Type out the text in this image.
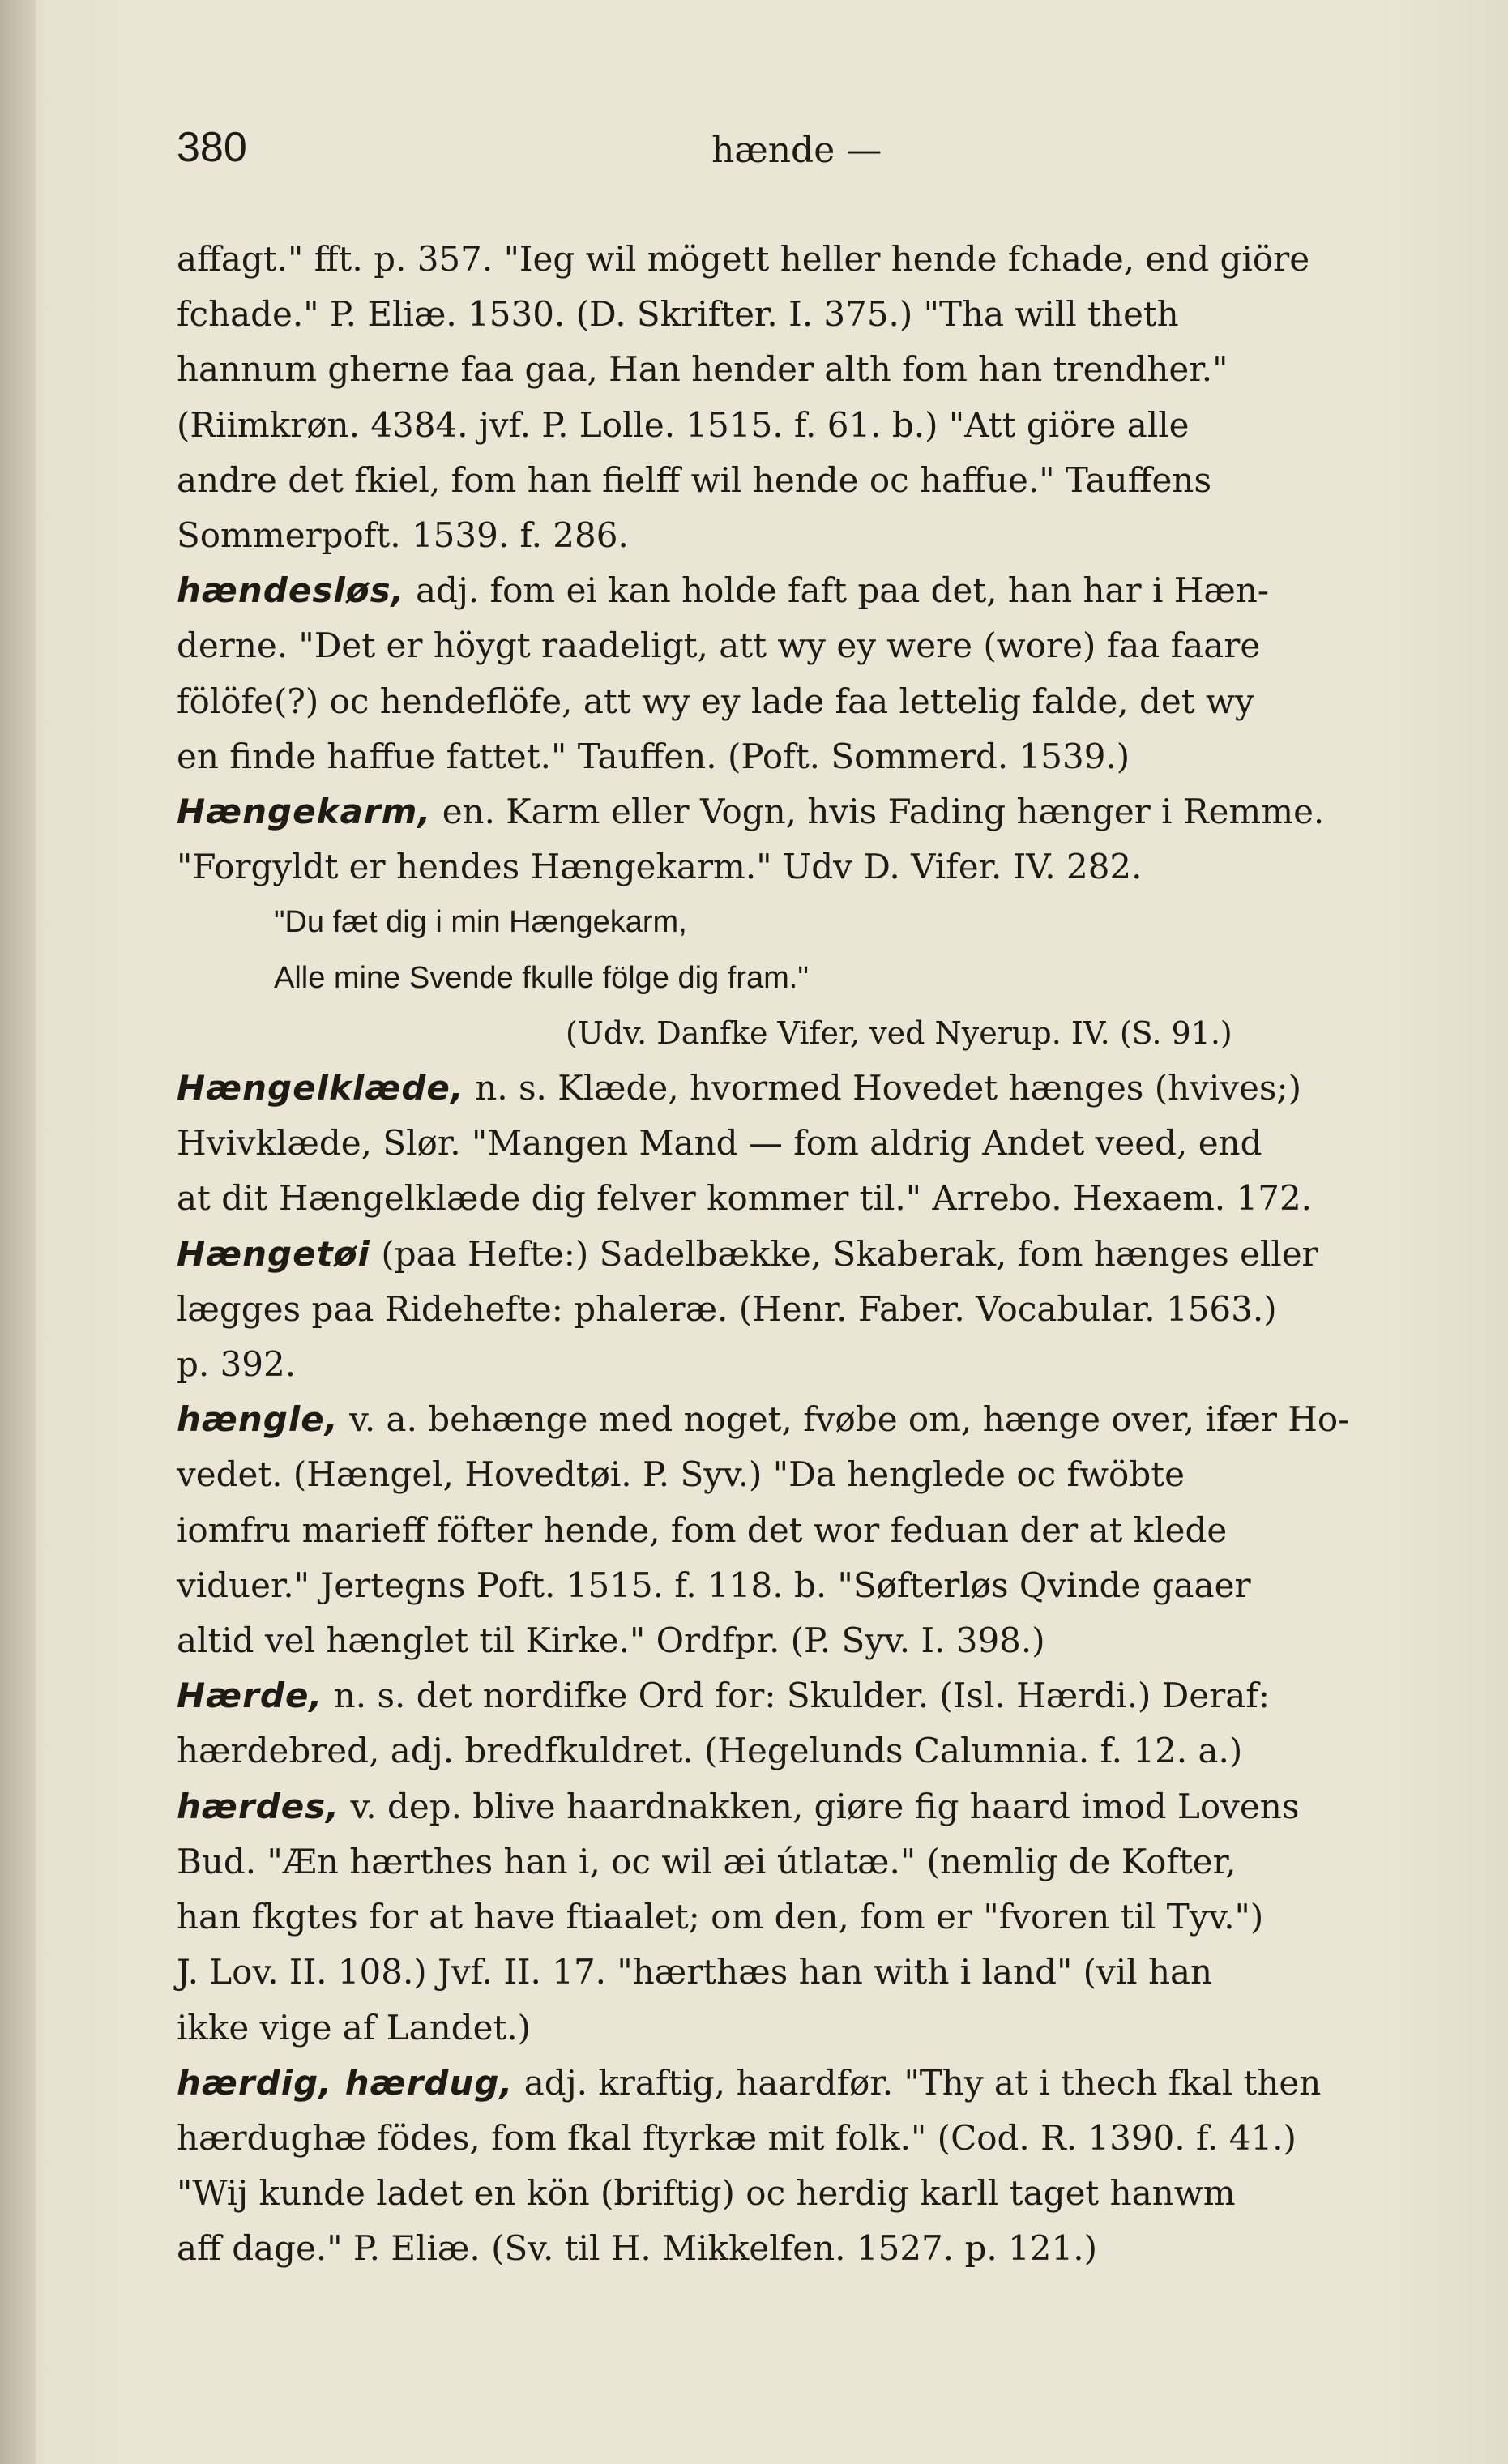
380	hænde —

affagt." fft. p. 357. "Ieg wil mögett heller hende fchade, end giöre

fchade." P. Eliæ. 1530. (D. Skrifter. I. 375.) "Tha will theth

hannum gherne faa gaa, Han hender alth fom han trendher."

(Riimkrøn. 4384. jvf. P. Lolle. 1515. f. 61. b.) "Att giöre alle

andre det fkiel, fom han fielff wil hende oc haffue." Tauffens

Sommerpoft. 1539. f. 286.

hændesløs, adj. fom ei kan holde faft paa det, han har i Hæn-

derne. "Det er höygt raadeligt, att wy ey were (wore) faa faare

fölöfe(?) oc hendeflöfe, att wy ey lade faa lettelig falde, det wy

en finde haffue fattet." Tauffen. (Poft. Sommerd. 1539.)

Hængekarm, en. Karm eller Vogn, hvis Fading hænger i Remme.

"Forgyldt er hendes Hængekarm." Udv D. Vifer. IV. 282.

"Du fæt dig i min Hængekarm,

Alle mine Svende fkulle fölge dig fram."

(Udv. Danfke Vifer, ved Nyerup. IV. (S. 91.)

Hængelklæde, n. s. Klæde, hvormed Hovedet hænges (hvives;)

Hvivklæde, Slør. "Mangen Mand — fom aldrig Andet veed, end

at dit Hængelklæde dig felver kommer til." Arrebo. Hexaem. 172.

Hængetøi (paa Hefte:) Sadelbække, Skaberak, fom hænges eller

lægges paa Ridehefte: phaleræ. (Henr. Faber. Vocabular. 1563.)

p. 392.

hængle, v. a. behænge med noget, fvøbe om, hænge over, ifær Ho-

vedet. (Hængel, Hovedtøi. P. Syv.) "Da henglede oc fwöbte

iomfru marieff föfter hende, fom det wor feduan der at klede

viduer." Jertegns Poft. 1515. f. 118. b. "Søfterløs Qvinde gaaer

altid vel hænglet til Kirke." Ordfpr. (P. Syv. I. 398.)

Hærde, n. s. det nordifke Ord for: Skulder. (Isl. Hærdi.) Deraf:

hærdebred, adj. bredfkuldret. (Hegelunds Calumnia. f. 12. a.)

hærdes, v. dep. blive haardnakken, giøre fig haard imod Lovens

Bud. "Æn hærthes han i, oc wil æi útlatæ." (nemlig de Kofter,

han fkgtes for at have ftiaalet; om den, fom er "fvoren til Tyv.")

J. Lov. II. 108.) Jvf. II. 17. "hærthæs han with i land" (vil han

ikke vige af Landet.)

hærdig, hærdug, adj. kraftig, haardfør. "Thy at i thech fkal then

hærdughæ födes, fom fkal ftyrkæ mit folk." (Cod. R. 1390. f. 41.)

"Wij kunde ladet en kön (briftig) oc herdig karll taget hanwm

aff dage." P. Eliæ. (Sv. til H. Mikkelfen. 1527. p. 121.)
